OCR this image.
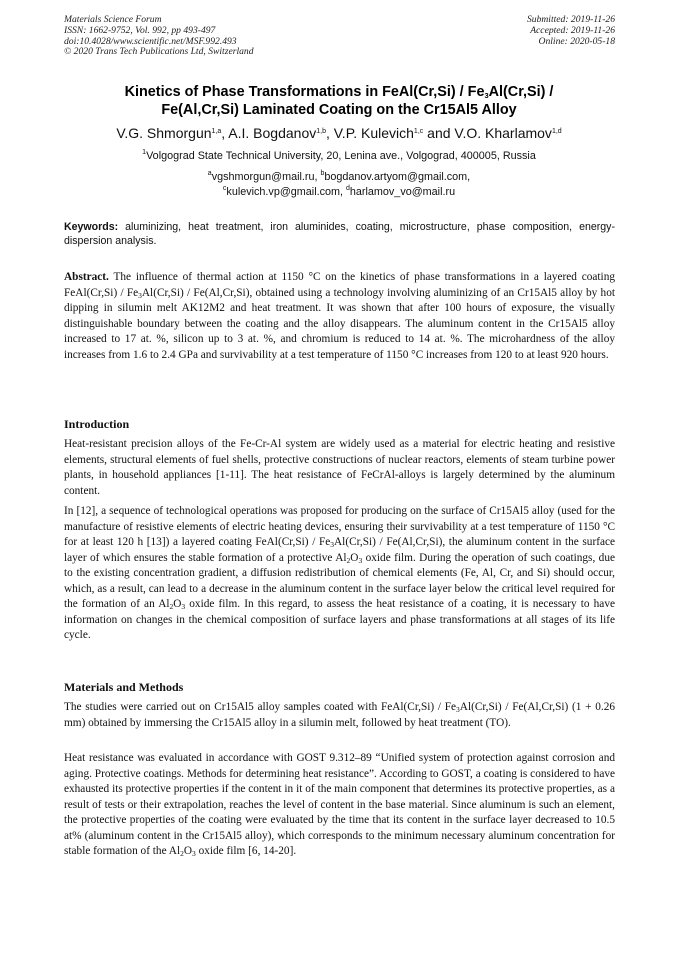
Materials Science Forum
ISSN: 1662-9752, Vol. 992, pp 493-497
doi:10.4028/www.scientific.net/MSF.992.493
© 2020 Trans Tech Publications Ltd, Switzerland
Submitted: 2019-11-26
Accepted: 2019-11-26
Online: 2020-05-18
Kinetics of Phase Transformations in FeAl(Cr,Si) / $Fe_3Al(Cr,Si)$ /
Fe(Al,Cr,Si) Laminated Coating on the Cr15Al5 Alloy
V.G. Shmorgun$^{1,a}$, A.I. Bogdanov$^{1,b}$, V.P. Kulevich$^{1,c}$ and V.O. Kharlamov$^{1,d}$
$^1$Volgograd State Technical University, 20, Lenina ave., Volgograd, 400005, Russia
$^a$vgshmorgun@mail.ru, $^b$bogdanov.artyom@gmail.com,
$^c$kulevich.vp@gmail.com, $^d$harlamov_vo@mail.ru
Keywords: aluminizing, heat treatment, iron aluminides, coating, microstructure, phase composition, energy-dispersion analysis.
Abstract. The influence of thermal action at 1150 °C on the kinetics of phase transformations in a layered coating FeAl(Cr,Si) / $Fe_3Al(Cr,Si) / Fe(Al,Cr,Si)$, obtained using a technology involving aluminizing of an Cr15Al5 alloy by hot dipping in silumin melt AK12M2 and heat treatment. It was shown that after 100 hours of exposure, the visually distinguishable boundary between the coating and the alloy disappears. The aluminum content in the Cr15Al5 alloy increased to 17 at. %, silicon up to 3 at. %, and chromium is reduced to 14 at. %. The microhardness of the alloy increases from 1.6 to 2.4 GPa and survivability at a test temperature of 1150 °C increases from 120 to at least 920 hours.
Introduction
Heat-resistant precision alloys of the Fe-Cr-Al system are widely used as a material for electric heating and resistive elements, structural elements of fuel shells, protective constructions of nuclear reactors, elements of steam turbine power plants, in household appliances [1-11]. The heat resistance of FeCrAl-alloys is largely determined by the aluminum content.
In [12], a sequence of technological operations was proposed for producing on the surface of Cr15Al5 alloy (used for the manufacture of resistive elements of electric heating devices, ensuring their survivability at a test temperature of 1150 °C for at least 120 h [13]) a layered coating FeAl(Cr,Si) / $Fe_3Al(Cr,Si) / Fe(Al,Cr,Si)$, the aluminum content in the surface layer of which ensures the stable formation of a protective $Al_2O_3$ oxide film. During the operation of such coatings, due to the existing concentration gradient, a diffusion redistribution of chemical elements (Fe, Al, Cr, and Si) should occur, which, as a result, can lead to a decrease in the aluminum content in the surface layer below the critical level required for the formation of an $Al_2O_3$ oxide film. In this regard, to assess the heat resistance of a coating, it is necessary to have information on changes in the chemical composition of surface layers and phase transformations at all stages of its life cycle.
Materials and Methods
The studies were carried out on Cr15Al5 alloy samples coated with FeAl(Cr,Si) / $Fe_3Al(Cr,Si) / Fe(Al,Cr,Si) (1 + 0.26$ mm) obtained by immersing the Cr15Al5 alloy in a silumin melt, followed by heat treatment (TO).
Heat resistance was evaluated in accordance with GOST 9.312–89 “Unified system of protection against corrosion and aging. Protective coatings. Methods for determining heat resistance”. According to GOST, a coating is considered to have exhausted its protective properties if the content in it of the main component that determines its protective properties, as a result of tests or their extrapolation, reaches the level of content in the base material. Since aluminum is such an element, the protective properties of the coating were evaluated by the time that its content in the surface layer decreased to 10.5 at% (aluminum content in the Cr15Al5 alloy), which corresponds to the minimum necessary aluminum concentration for stable formation of the $Al_2O_3$ oxide film [6, 14-20].
